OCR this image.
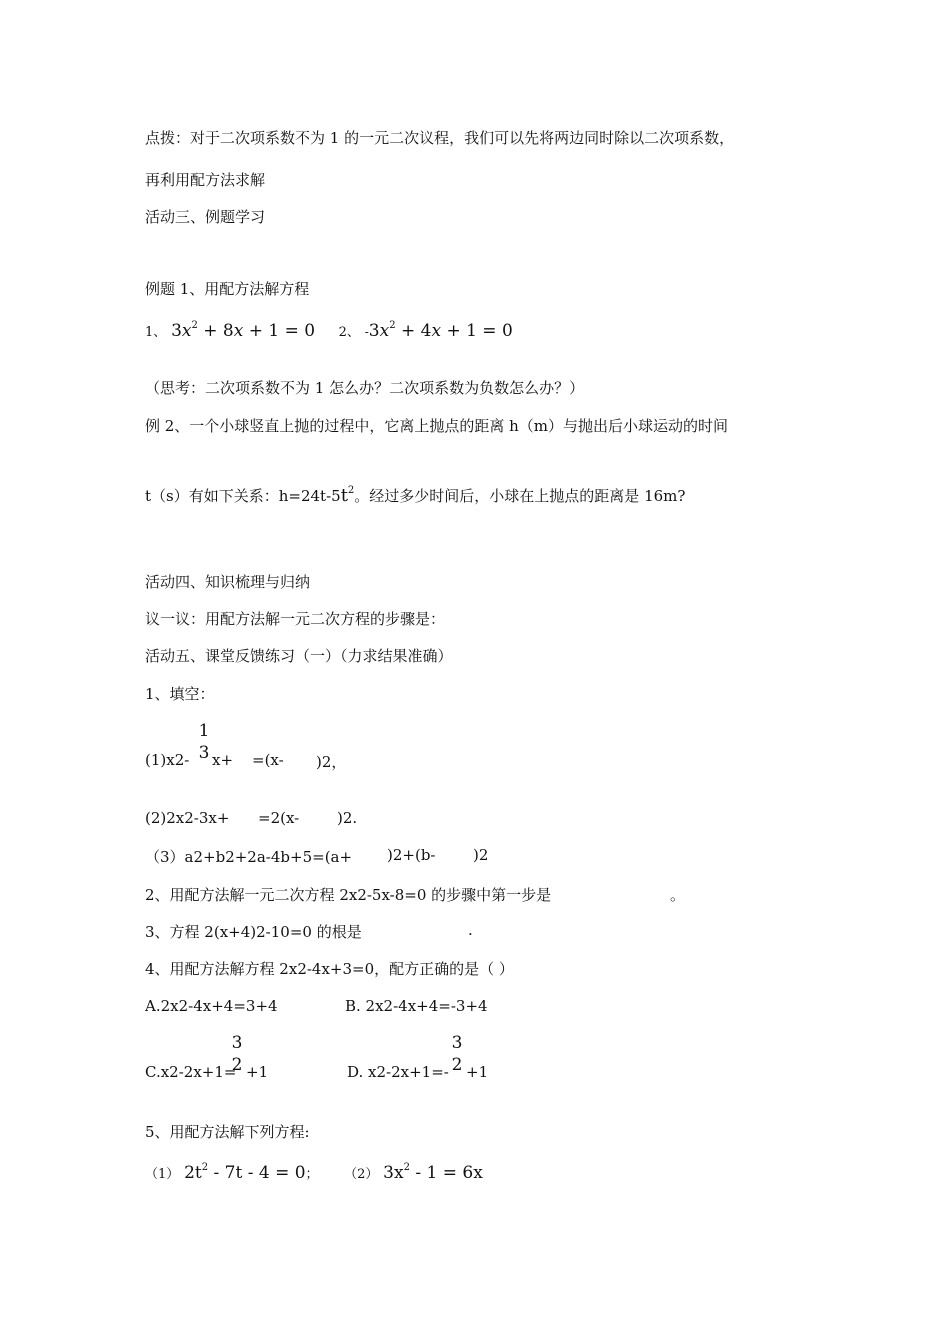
点拨：对于二次项系数不为 1 的一元二次议程，我们可以先将两边同时除以二次项系数，
再利用配方法求解
活动三、例题学习
例题 1、用配方法解方程
1、 $3x^2 + 8x + 1 = 0$ 2、 $-3x^2 + 4x + 1 = 0$
（思考：二次项系数不为 1 怎么办？二次项系数为负数怎么办？）
例 2、一个小球竖直上抛的过程中，它离上抛点的距离 h（m）与抛出后小球运动的时间
t（s）有如下关系：$h=24t-5t^2$。经过多少时间后，小球在上抛点的距离是 16m?
活动四、知识梳理与归纳
议一议：用配方法解一元二次方程的步骤是：
活动五、课堂反馈练习（一）（力求结果准确）
1、填空：
(1)x2-
1
3 x+ =(x- )2，
(2)2x2-3x+ =2(x-	)2.
（3）a2+b2+2a-4b+5=(a+ )2+(b-	)2
2、用配方法解一元二次方程 2x2-5x-8=0 的步骤中第一步是	。
3、方程 2(x+4)2-10=0 的根是	.
4、用配方法解方程 2x2-4x+3=0，配方正确的是（ ）
A.2x2-4x+4=3+4	B. 2x2-4x+4=-3+4
C.x2-2x+1=
3
2 +1	D. x2-2x+1=-
3
2 +1
5、用配方法解下列方程:
（1） $2t^2 - 7t - 4 = 0$； （2） $3x^2 - 1 = 6x$
